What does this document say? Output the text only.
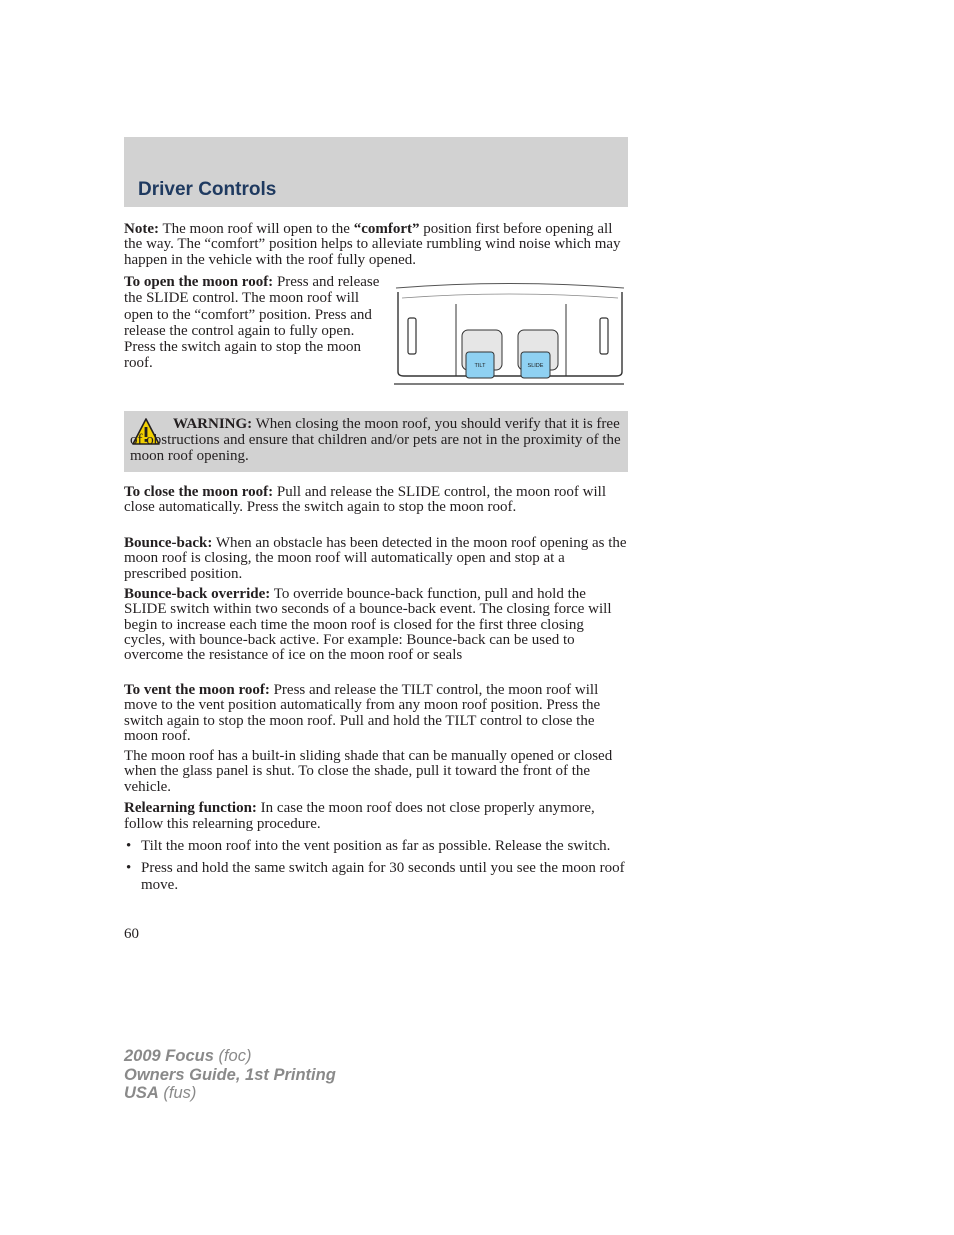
Driver Controls

Note: The moon roof will open to the “comfort” position first before opening all the way. The “comfort” position helps to alleviate rumbling wind noise which may happen in the vehicle with the roof fully opened.

To open the moon roof: Press and release the SLIDE control. The moon roof will open to the “comfort” position. Press and release the control again to fully open. Press the switch again to stop the moon roof.	TILT	SLIDE
WARNING: When closing the moon roof, you should verify that it is free of obstructions and ensure that children and/or pets are not in the proximity of the moon roof opening.

To close the moon roof: Pull and release the SLIDE control, the moon roof will close automatically. Press the switch again to stop the moon roof.

Bounce-back: When an obstacle has been detected in the moon roof opening as the moon roof is closing, the moon roof will automatically open and stop at a prescribed position.

Bounce-back override: To override bounce-back function, pull and hold the SLIDE switch within two seconds of a bounce-back event. The closing force will begin to increase each time the moon roof is closed for the first three closing cycles, with bounce-back active. For example: Bounce-back can be used to overcome the resistance of ice on the moon roof or seals

To vent the moon roof: Press and release the TILT control, the moon roof will move to the vent position automatically from any moon roof position. Press the switch again to stop the moon roof. Pull and hold the TILT control to close the moon roof.

The moon roof has a built-in sliding shade that can be manually opened or closed when the glass panel is shut. To close the shade, pull it toward the front of the vehicle.

Relearning function: In case the moon roof does not close properly anymore, follow this relearning procedure.

• Tilt the moon roof into the vent position as far as possible. Release the switch.
• Press and hold the same switch again for 30 seconds until you see the moon roof move.
60
2009 Focus (foc)
Owners Guide, 1st Printing
USA (fus)
